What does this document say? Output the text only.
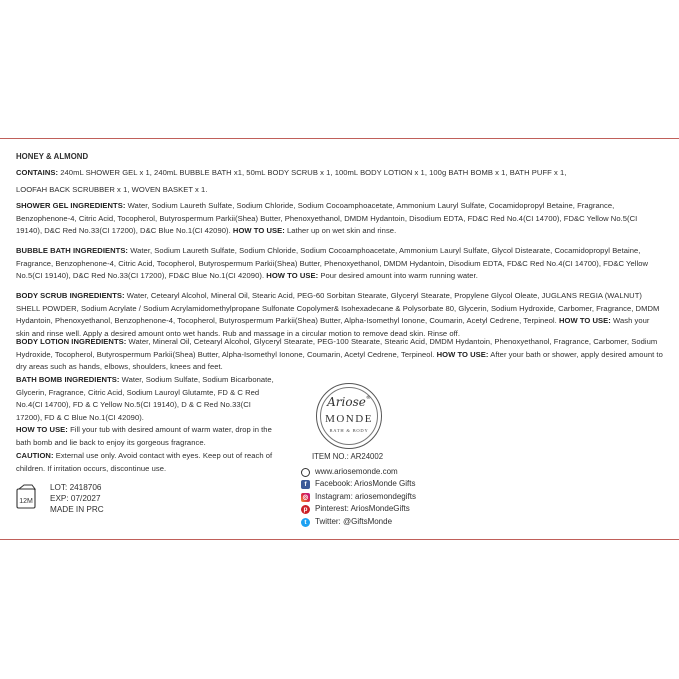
HONEY & ALMOND
CONTAINS: 240mL SHOWER GEL x 1, 240mL BUBBLE BATH x1, 50mL BODY SCRUB x 1, 100mL BODY LOTION x 1, 100g BATH BOMB x 1, BATH PUFF x 1,
LOOFAH BACK SCRUBBER x 1, WOVEN BASKET x 1.
SHOWER GEL INGREDIENTS: Water, Sodium Laureth Sulfate, Sodium Chloride, Sodium Cocoamphoacetate, Ammonium Lauryl Sulfate, Cocamidopropyl Betaine, Fragrance, Benzophenone-4, Citric Acid, Tocopherol, Butyrospermum Parkii(Shea) Butter, Phenoxyethanol, DMDM Hydantoin, Disodium EDTA, FD&C Red No.4(CI 14700), FD&C Yellow No.5(CI 19140), D&C Red No.33(CI 17200), D&C Blue No.1(CI 42090). HOW TO USE: Lather up on wet skin and rinse.
BUBBLE BATH INGREDIENTS: Water, Sodium Laureth Sulfate, Sodium Chloride, Sodium Cocoamphoacetate, Ammonium Lauryl Sulfate, Glycol Distearate, Cocamidopropyl Betaine, Fragrance, Benzophenone-4, Citric Acid, Tocopherol, Butyrospermum Parkii(Shea) Butter, Phenoxyethanol, DMDM Hydantoin, Disodium EDTA, FD&C Red No.4(CI 14700), FD&C Yellow No.5(CI 19140), D&C Red No.33(CI 17200), FD&C Blue No.1(CI 42090). HOW TO USE: Pour desired amount into warm running water.
BODY SCRUB INGREDIENTS: Water, Cetearyl Alcohol, Mineral Oil, Stearic Acid, PEG-60 Sorbitan Stearate, Glyceryl Stearate, Propylene Glycol Oleate, JUGLANS REGIA (WALNUT) SHELL POWDER, Sodium Acrylate / Sodium Acrylamidomethylpropane Sulfonate Copolymer& Isohexadecane & Polysorbate 80, Glycerin, Sodium Hydroxide, Carbomer, Fragrance, DMDM Hydantoin, Phenoxyethanol, Benzophenone-4, Tocopherol, Butyrospermum Parkii(Shea) Butter, Alpha-Isomethyl Ionone, Coumarin, Acetyl Cedrene, Terpineol. HOW TO USE: Wash your skin and rinse well. Apply a desired amount onto wet hands. Rub and massage in a circular motion to remove dead skin. Rinse off.
BODY LOTION INGREDIENTS: Water, Mineral Oil, Cetearyl Alcohol, Glyceryl Stearate, PEG-100 Stearate, Stearic Acid, DMDM Hydantoin, Phenoxyethanol, Fragrance, Carbomer, Sodium Hydroxide, Tocopherol, Butyrospermum Parkii(Shea) Butter, Alpha-Isomethyl Ionone, Coumarin, Acetyl Cedrene, Terpineol. HOW TO USE: After your bath or shower, apply desired amount to dry areas such as hands, elbows, shoulders, knees and feet.
BATH BOMB INGREDIENTS: Water, Sodium Sulfate, Sodium Bicarbonate, Glycerin, Fragrance, Citric Acid, Sodium Lauroyl Glutamte, FD & C Red No.4(CI 14700), FD & C Yellow No.5(CI 19140), D & C Red No.33(CI 17200), FD & C Blue No.1(CI 42090).
HOW TO USE: Fill your tub with desired amount of warm water, drop in the bath bomb and lie back to enjoy its gorgeous fragrance.
CAUTION: External use only. Avoid contact with eyes. Keep out of reach of children. If irritation occurs, discontinue use.
12M
LOT: 2418706
EXP: 07/2027
MADE IN PRC
Ariose®
MONDE
BATH & BODY
ITEM NO.: AR24002
www.ariosemonde.com
f	Facebook: AriosMonde Gifts
◎ Instagram: ariosemondegifts
p Pinterest: AriosMondeGifts
t	Twitter: @GiftsMonde
